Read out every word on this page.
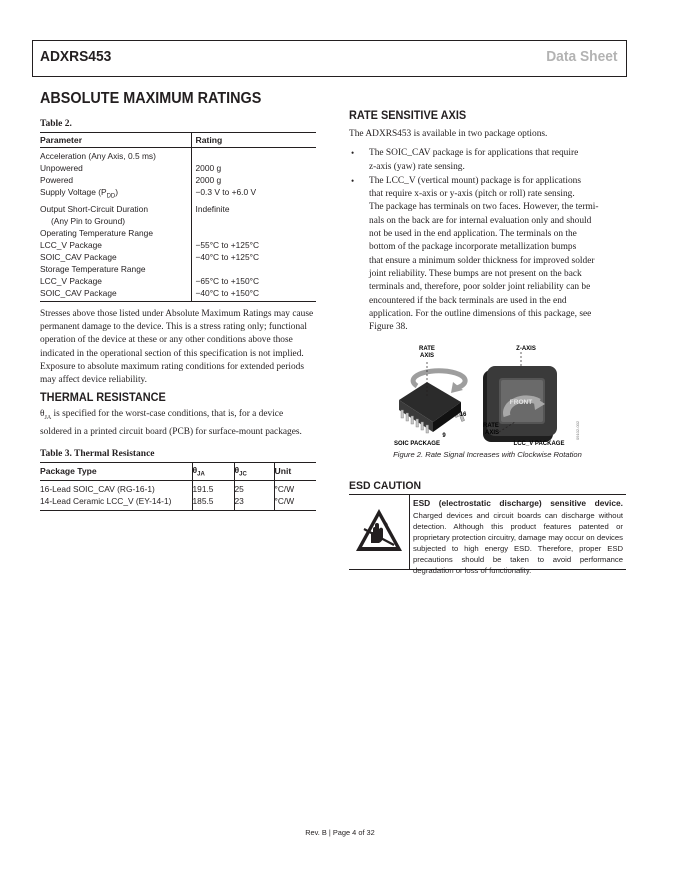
ADXRS453	Data Sheet
ABSOLUTE MAXIMUM RATINGS
Table 2.
Parameter	Rating
Acceleration (Any Axis, 0.5 ms)	
Unpowered	2000 g
Powered	2000 g
Supply Voltage $(P_{DD})$	−0.3 V to +6.0 V

Output Short-Circuit Duration
(Any Pin to Ground)	Indefinite
Operating Temperature Range	
LCC_V Package	−55°C to +125°C
SOIC_CAV Package	−40°C to +125°C
Storage Temperature Range	
LCC_V Package	−65°C to +150°C
SOIC_CAV Package	−40°C to +150°C

Stresses above those listed under Absolute Maximum Ratings may cause permanent damage to the device. This is a stress rating only; functional operation of the device at these or any other conditions above those indicated in the operational section of this specification is not implied. Exposure to absolute maximum rating conditions for extended periods may affect device reliability.

THERMAL RESISTANCE

$\theta_{JA}$ is specified for the worst-case conditions, that is, for a device soldered in a printed circuit board (PCB) for surface-mount packages.

Table 3. Thermal Resistance
Package Type	$\theta_{JA}$	$\theta_{JC}$	Unit
16-Lead SOIC_CAV (RG-16-1)	191.5	25	°C/W
14-Lead Ceramic LCC_V (EY-14-1)	185.5	23	°C/W
RATE SENSITIVE AXIS

The ADXRS453 is available in two package options.

• The SOIC_CAV package is for applications that require
z-axis (yaw) rate sensing.
• The LCC_V (vertical mount) package is for applications
that require x-axis or y-axis (pitch or roll) rate sensing.
The package has terminals on two faces. However, the termi-
nals on the back are for internal evaluation only and should
not be used in the end application. The terminals on the
bottom of the package incorporate metallization bumps
that ensure a minimum solder thickness for improved solder
joint reliability. These bumps are not present on the back
terminals and, therefore, poor solder joint reliability can be
encountered if the back terminals are used in the end
application. For the outline dimensions of this package, see
Figure 38.
RATE
AXIS
16
9
SOIC PACKAGE
FRONT
Z-AXIS
RATE
AXIS
LCC_V PACKAGE
09102-002
Figure 2. Rate Signal Increases with Clockwise Rotation
ESD CAUTION
ESD (electrostatic discharge) sensitive device. Charged devices and circuit boards can discharge without detection. Although this product features patented or proprietary protection circuitry, damage may occur on devices subjected to high energy ESD. Therefore, proper ESD precautions should be taken to avoid performance degradation or loss of functionality.
Rev. B | Page 4 of 32
